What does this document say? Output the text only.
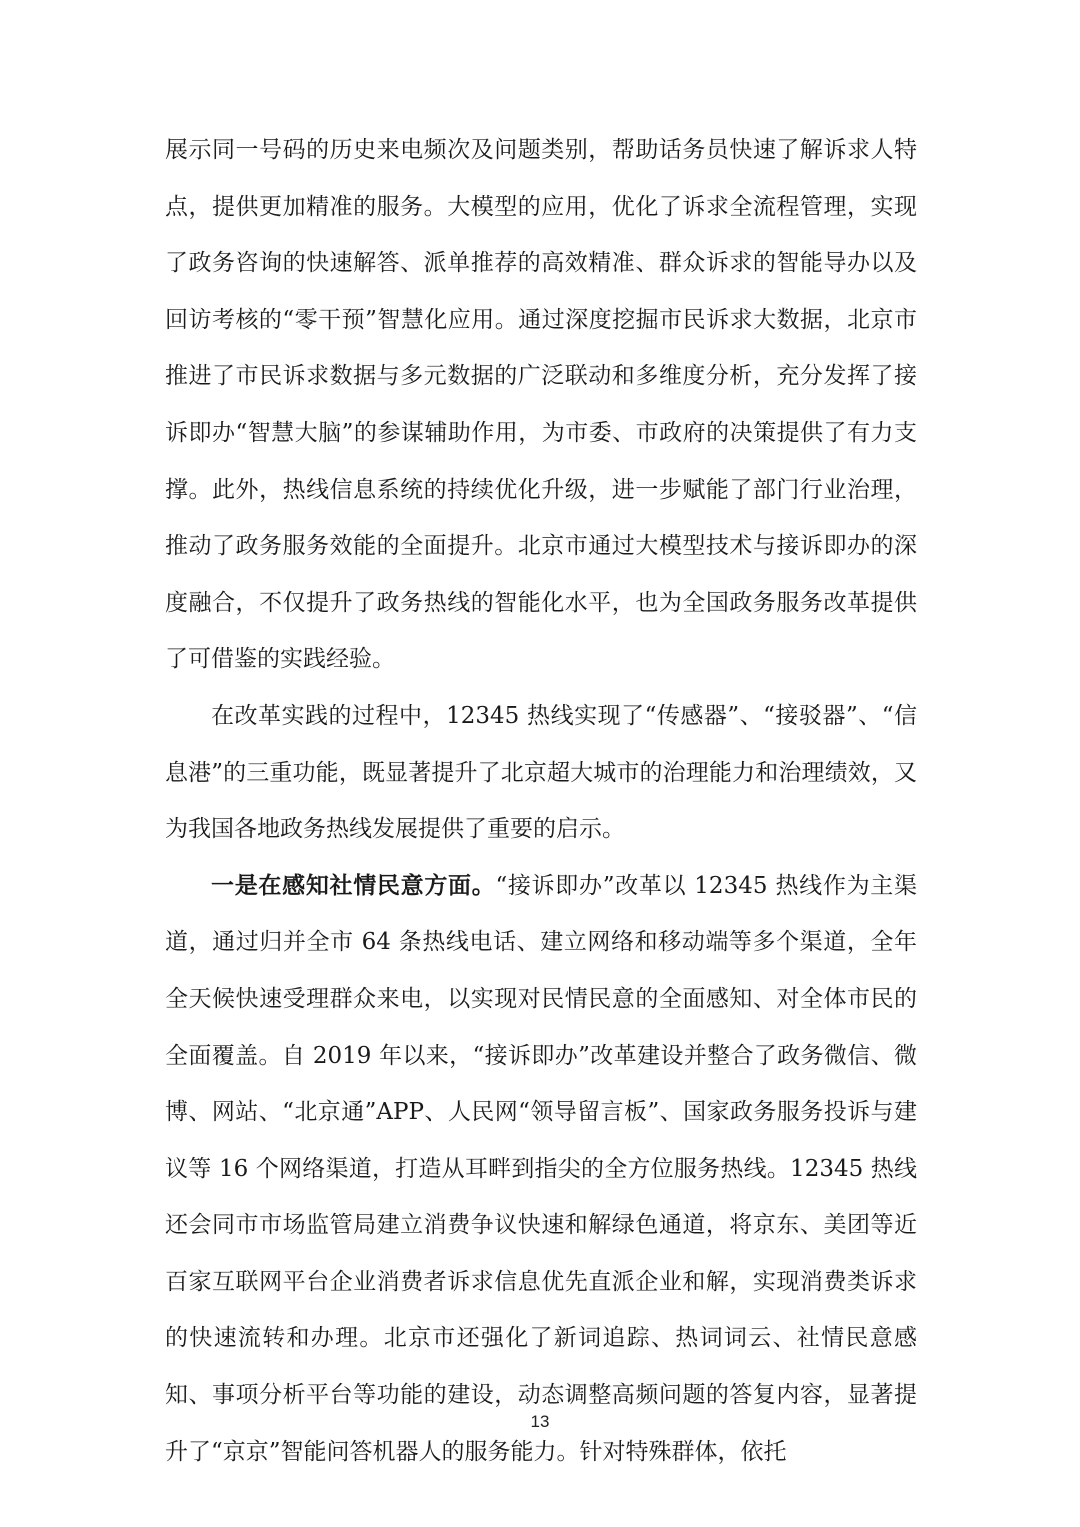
展示同一号码的历史来电频次及问题类别，帮助话务员快速了解诉求人特点，提供更加精准的服务。大模型的应用，优化了诉求全流程管理，实现了政务咨询的快速解答、派单推荐的高效精准、群众诉求的智能导办以及回访考核的“零干预”智慧化应用。通过深度挖掘市民诉求大数据，北京市推进了市民诉求数据与多元数据的广泛联动和多维度分析，充分发挥了接诉即办“智慧大脑”的参谋辅助作用，为市委、市政府的决策提供了有力支撑。此外，热线信息系统的持续优化升级，进一步赋能了部门行业治理，推动了政务服务效能的全面提升。北京市通过大模型技术与接诉即办的深度融合，不仅提升了政务热线的智能化水平，也为全国政务服务改革提供了可借鉴的实践经验。

在改革实践的过程中，12345 热线实现了“传感器”、“接驳器”、“信息港”的三重功能，既显著提升了北京超大城市的治理能力和治理绩效，又为我国各地政务热线发展提供了重要的启示。

一是在感知社情民意方面。“接诉即办”改革以 12345 热线作为主渠道，通过归并全市 64 条热线电话、建立网络和移动端等多个渠道，全年全天候快速受理群众来电，以实现对民情民意的全面感知、对全体市民的全面覆盖。自 2019 年以来，“接诉即办”改革建设并整合了政务微信、微博、网站、“北京通”APP、人民网“领导留言板”、国家政务服务投诉与建议等 16 个网络渠道，打造从耳畔到指尖的全方位服务热线。12345 热线还会同市市场监管局建立消费争议快速和解绿色通道，将京东、美团等近百家互联网平台企业消费者诉求信息优先直派企业和解，实现消费类诉求的快速流转和办理。北京市还强化了新词追踪、热词词云、社情民意感知、事项分析平台等功能的建设，动态调整高频问题的答复内容，显著提升了“京京”智能问答机器人的服务能力。针对特殊群体，依托

13
